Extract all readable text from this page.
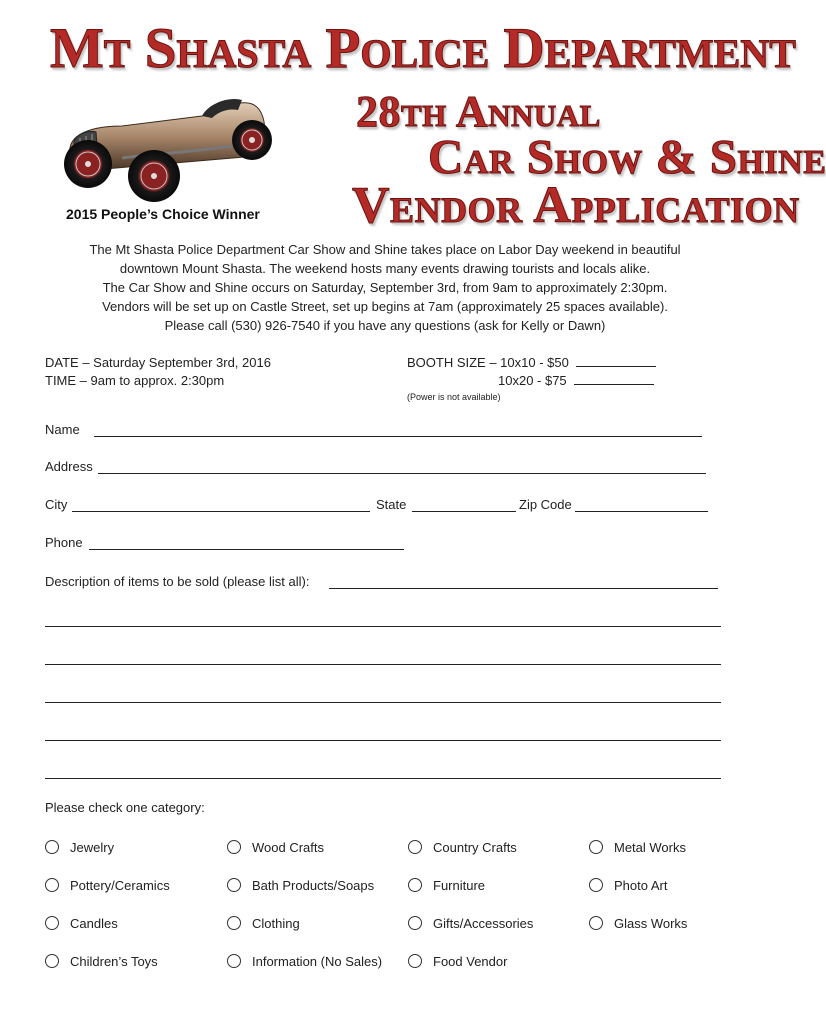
Mt Shasta Police Department
28th Annual
Car Show & Shine
Vendor Application

2015 People’s Choice Winner

The Mt Shasta Police Department Car Show and Shine takes place on Labor Day weekend in beautiful

downtown Mount Shasta. The weekend hosts many events drawing tourists and locals alike.

The Car Show and Shine occurs on Saturday, September 3rd, from 9am to approximately 2:30pm.

Vendors will be set up on Castle Street, set up begins at 7am (approximately 25 spaces available).

Please call (530) 926-7540 if you have any questions (ask for Kelly or Dawn)

DATE – Saturday September 3rd, 2016
TIME – 9am to approx. 2:30pm
BOOTH SIZE – 10x10 - $50
10x20 - $75
(Power is not available)
Name
Address
City	State	Zip Code
Phone
Description of items to be sold (please list all):
Please check one category:
Jewelry	Wood Crafts	Country Crafts	Metal Works
Pottery/Ceramics	Bath Products/Soaps	Furniture	Photo Art
Candles	Clothing	Gifts/Accessories	Glass Works
Children’s Toys	Information (No Sales)	Food Vendor
